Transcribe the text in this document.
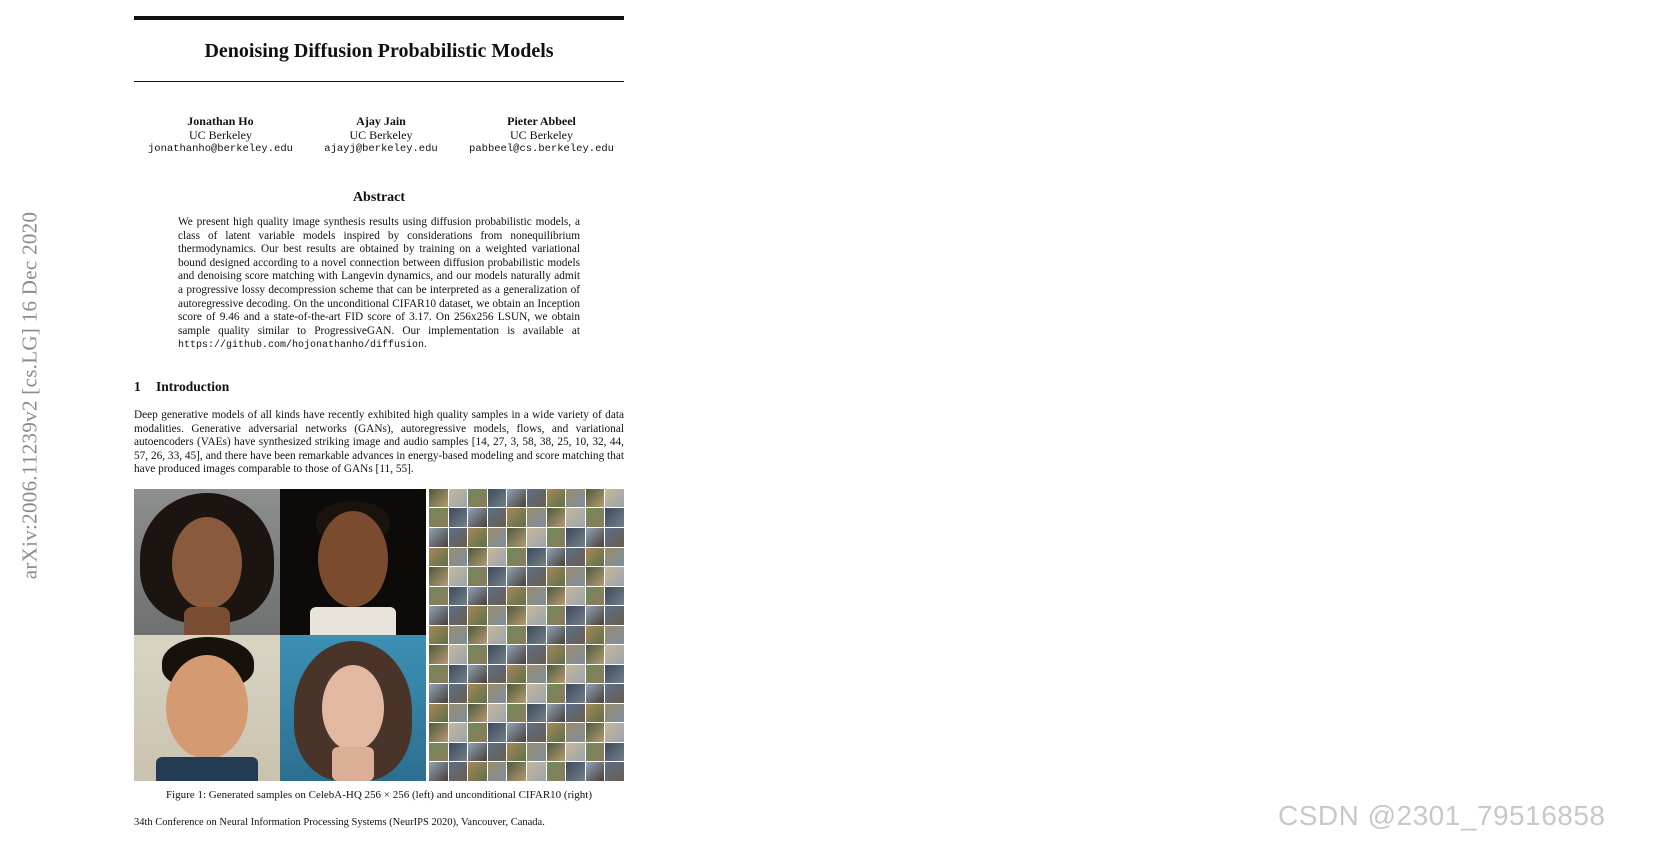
arXiv:2006.11239v2 [cs.LG] 16 Dec 2020
Denoising Diffusion Probabilistic Models
Jonathan Ho
UC Berkeley
jonathanho@berkeley.edu
Ajay Jain
UC Berkeley
ajayj@berkeley.edu
Pieter Abbeel
UC Berkeley
pabbeel@cs.berkeley.edu
Abstract

We present high quality image synthesis results using diffusion probabilistic models, a class of latent variable models inspired by considerations from nonequilibrium thermodynamics. Our best results are obtained by training on a weighted variational bound designed according to a novel connection between diffusion probabilistic models and denoising score matching with Langevin dynamics, and our models naturally admit a progressive lossy decompression scheme that can be interpreted as a generalization of autoregressive decoding. On the unconditional CIFAR10 dataset, we obtain an Inception score of 9.46 and a state-of-the-art FID score of 3.17. On 256x256 LSUN, we obtain sample quality similar to ProgressiveGAN. Our implementation is available at https://github.com/hojonathanho/diffusion.

1 Introduction

Deep generative models of all kinds have recently exhibited high quality samples in a wide variety of data modalities. Generative adversarial networks (GANs), autoregressive models, flows, and variational autoencoders (VAEs) have synthesized striking image and audio samples [14, 27, 3, 58, 38, 25, 10, 32, 44, 57, 26, 33, 45], and there have been remarkable advances in energy-based modeling and score matching that have produced images comparable to those of GANs [11, 55].

Figure 1: Generated samples on CelebA-HQ 256 × 256 (left) and unconditional CIFAR10 (right)
34th Conference on Neural Information Processing Systems (NeurIPS 2020), Vancouver, Canada.	CSDN @2301_79516858
